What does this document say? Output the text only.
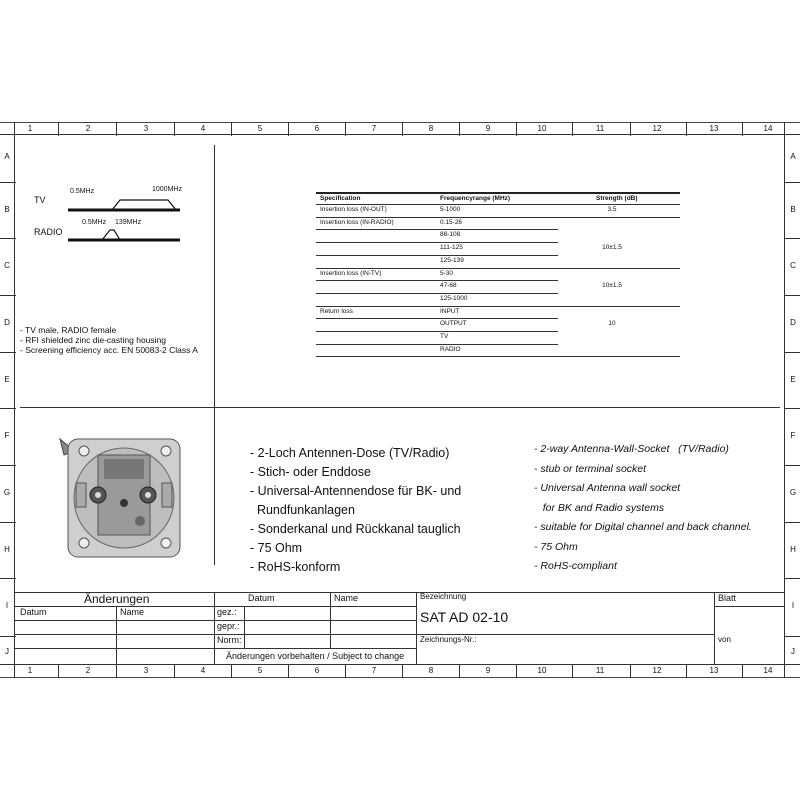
1	2	3	4	5	6	7	8	9	10	11	12	13	14
1	2	3	4	5	6	7	8	9	10	11	12	13	14
A	A
B	B
C	C
D	D
E	E
F	F
G	G
H	H
I	I
J	J
TV
0.5MHz	1000MHz
RADIO
0.5MHz 139MHz
- TV male, RADIO female
- RFI shielded zinc die-casting housing
- Screening efficiency acc. EN 50083-2 Class A
Specification	Frequencyrange (MHz)	Strength (dB)
Insertion loss (IN-OUT)	5-1000	3.5
Insertion loss (IN-RADIO)	0.15-26
88-108
111-125	10±1.5
125-139
Insertion loss (IN-TV)	5-30
47-68	10±1.5
125-1000
Return loss	INPUT
OUTPUT	10
TV
RADIO
- 2-Loch Antennen-Dose (TV/Radio)
- Stich- oder Enddose
- Universal-Antennendose für BK- und
Rundfunkanlagen
- Sonderkanal und Rückkanal tauglich
- 75 Ohm
- RoHS-konform
- 2-way Antenna-Wall-Socket   (TV/Radio)
- stub or terminal socket
- Universal Antenna wall socket
for BK and Radio systems
- suitable for Digital channel and back channel.
- 75 Ohm
- RoHS-compliant
Änderungen
Datum	Name
Datum	Name
gez.:
gepr.:
Norm:
Änderungen vorbehalten / Subject to change
Bezeichnung
SAT AD 02-10
Zeichnungs-Nr.:
Blatt
von
